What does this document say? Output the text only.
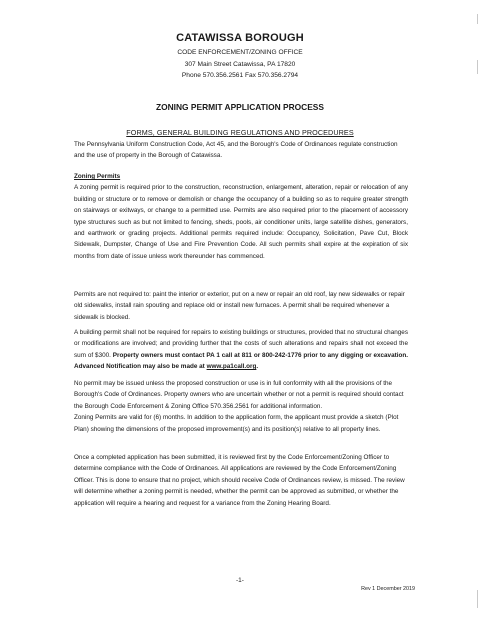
CATAWISSA BOROUGH
CODE ENFORCEMENT/ZONING OFFICE
307 Main Street Catawissa, PA 17820
Phone 570.356.2561 Fax 570.356.2794
ZONING PERMIT APPLICATION PROCESS
FORMS, GENERAL BUILDING REGULATIONS AND PROCEDURES

The Pennsylvania Uniform Construction Code, Act 45, and the Borough's Code of Ordinances regulate construction and the use of property in the Borough of Catawissa.

Zoning Permits
A zoning permit is required prior to the construction, reconstruction, enlargement, alteration, repair or relocation of any building or structure or to remove or demolish or change the occupancy of a building so as to require greater strength on stairways or exitways, or change to a permitted use. Permits are also required prior to the placement of accessory type structures such as but not limited to fencing, sheds, pools, air conditioner units, large satellite dishes, generators, and earthwork or grading projects. Additional permits required include: Occupancy, Solicitation, Pave Cut, Block Sidewalk, Dumpster, Change of Use and Fire Prevention Code. All such permits shall expire at the expiration of six months from date of issue unless work thereunder has commenced.

Permits are not required to: paint the interior or exterior, put on a new or repair an old roof, lay new sidewalks or repair old sidewalks, install rain spouting and replace old or install new furnaces. A permit shall be required whenever a sidewalk is blocked.

A building permit shall not be required for repairs to existing buildings or structures, provided that no structural changes or modifications are involved; and providing further that the costs of such alterations and repairs shall not exceed the sum of $300. Property owners must contact PA 1 call at 811 or 800-242-1776 prior to any digging or excavation. Advanced Notification may also be made at www.pa1call.org.

No permit may be issued unless the proposed construction or use is in full conformity with all the provisions of the Borough's Code of Ordinances. Property owners who are uncertain whether or not a permit is required should contact the Borough Code Enforcement & Zoning Office 570.356.2561 for additional information.
Zoning Permits are valid for (6) months. In addition to the application form, the applicant must provide a sketch (Plot Plan) showing the dimensions of the proposed improvement(s) and its position(s) relative to all property lines.

Once a completed application has been submitted, it is reviewed first by the Code Enforcement/Zoning Officer to determine compliance with the Code of Ordinances. All applications are reviewed by the Code Enforcement/Zoning Officer. This is done to ensure that no project, which should receive Code of Ordinances review, is missed. The review will determine whether a zoning permit is needed, whether the permit can be approved as submitted, or whether the application will require a hearing and request for a variance from the Zoning Hearing Board.

-1-
Rev 1 December 2019
